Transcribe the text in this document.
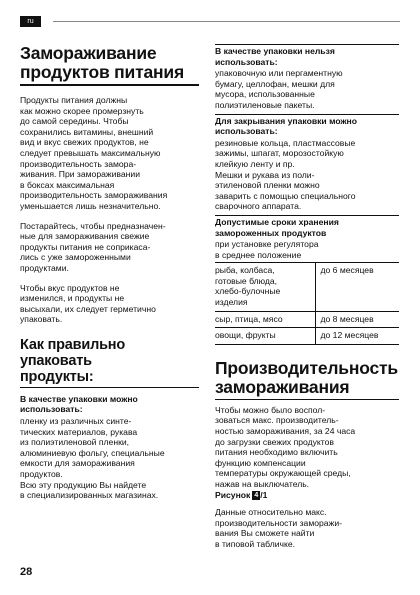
ru
Замораживание
продуктов питания
Продукты питания должны
как можно скорее промерзнуть
до самой середины. Чтобы
сохранились витамины, внешний
вид и вкус свежих продуктов, не
следует превышать максимальную
производительность замора-
живания. При замораживании
в боксах максимальная
производительность замораживания
уменьшается лишь незначительно.
Постарайтесь, чтобы предназначен-
ные для замораживания свежие
продукты питания не соприкаса-
лись с уже замороженными
продуктами.
Чтобы вкус продуктов не
изменился, и продукты не
высыхали, их следует герметично
упаковать.
Как правильно упаковать
продукты:
В качестве упаковки можно
использовать:
пленку из различных синте-
тических материалов, рукава
из полиэтиленовой пленки,
алюминиевую фольгу, специальные
емкости для замораживания
продуктов.
Всю эту продукцию Вы найдете
в специализированных магазинах.
В качестве упаковки нельзя
использовать:
упаковочную или пергаментную
бумагу, целлофан, мешки для
мусора, использованные
полиэтиленовые пакеты.
Для закрывания упаковки можно
использовать:
резиновые кольца, пластмассовые
зажимы, шпагат, морозостойкую
клейкую ленту и пр.
Мешки и рукава из поли-
этиленовой пленки можно
заварить с помощью специального
сварочного аппарата.
Допустимые сроки хранения
замороженных продуктов
при установке регулятора
в среднее положение
рыба, колбаса,
готовые блюда,
хлебо-булочные
изделия	до 6 месяцев

сыр, птица, мясо	до 8 месяцев

овощи, фрукты	до 12 месяцев
Производительность
замораживания
Чтобы можно было воспол-
зоваться макс. производитель-
ностью замораживания, за 24 часа
до загрузки свежих продуктов
питания необходимо включить
функцию компенсации
температуры окружающей среды,
нажав на выключатель.
Рисунок 4 /1
Данные относительно макс.
производительности заморажи-
вания Вы сможете найти
в типовой табличке.
28
